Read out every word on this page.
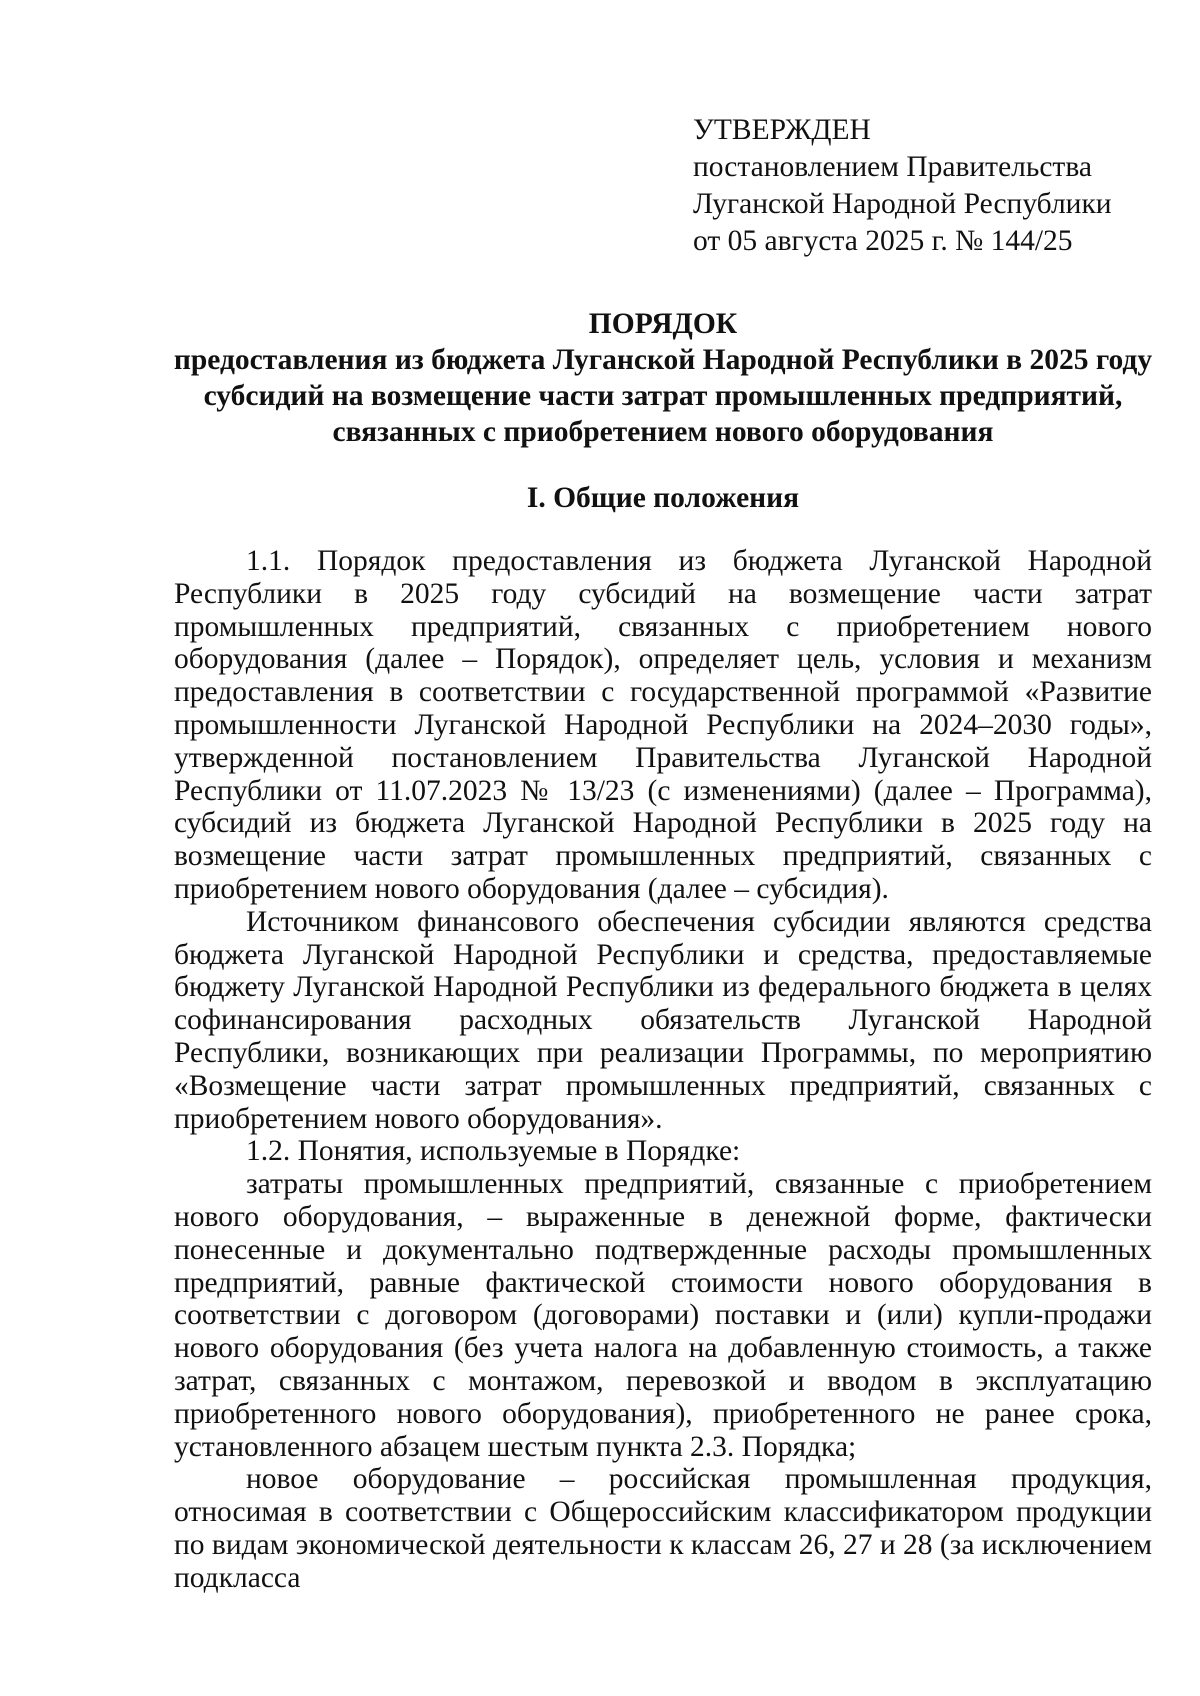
УТВЕРЖДЕН
постановлением Правительства
Луганской Народной Республики
от 05 августа 2025 г. № 144/25
ПОРЯДОК
предоставления из бюджета Луганской Народной Республики в 2025 году
субсидий на возмещение части затрат промышленных предприятий,
связанных с приобретением нового оборудования
I. Общие положения

1.1. Порядок предоставления из бюджета Луганской Народной Республики в 2025 году субсидий на возмещение части затрат промышленных предприятий, связанных с приобретением нового оборудования (далее – Порядок), определяет цель, условия и механизм предоставления в соответствии с государственной программой «Развитие промышленности Луганской Народной Республики на 2024–2030 годы», утвержденной постановлением Правительства Луганской Народной Республики от 11.07.2023 № 13/23 (с изменениями) (далее – Программа), субсидий из бюджета Луганской Народной Республики в 2025 году на возмещение части затрат промышленных предприятий, связанных с приобретением нового оборудования (далее – субсидия).

Источником финансового обеспечения субсидии являются средства бюджета Луганской Народной Республики и средства, предоставляемые бюджету Луганской Народной Республики из федерального бюджета в целях софинансирования расходных обязательств Луганской Народной Республики, возникающих при реализации Программы, по мероприятию «Возмещение части затрат промышленных предприятий, связанных с приобретением нового оборудования».

1.2. Понятия, используемые в Порядке:

затраты промышленных предприятий, связанные с приобретением нового оборудования, – выраженные в денежной форме, фактически понесенные и документально подтвержденные расходы промышленных предприятий, равные фактической стоимости нового оборудования в соответствии с договором (договорами) поставки и (или) купли-продажи нового оборудования (без учета налога на добавленную стоимость, а также затрат, связанных с монтажом, перевозкой и вводом в эксплуатацию приобретенного нового оборудования), приобретенного не ранее срока, установленного абзацем шестым пункта 2.3. Порядка;

новое оборудование – российская промышленная продукция, относимая в соответствии с Общероссийским классификатором продукции по видам экономической деятельности к классам 26, 27 и 28 (за исключением подкласса
